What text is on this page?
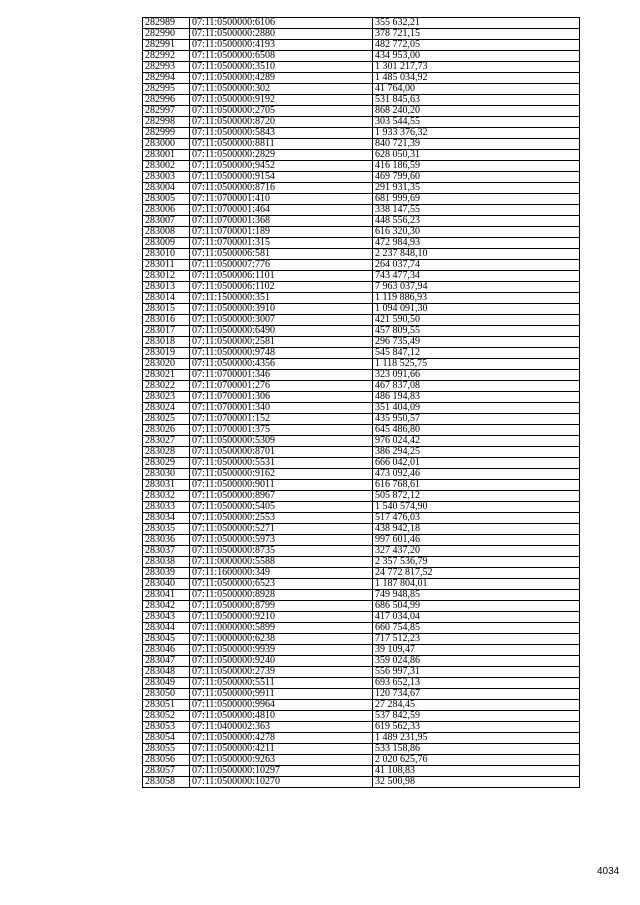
282989	07:11:0500000:6106	355 632,21
282990	07:11:0500000:2880	378 721,15
282991	07:11:0500000:4193	482 772,05
282992	07:11:0500000:6508	434 953,00
282993	07:11:0500000:3510	1 301 217,73
282994	07:11:0500000:4289	1 485 034,92
282995	07:11:0500000:302	41 764,00
282996	07:11:0500000:9192	531 845,63
282997	07:11:0500000:2705	868 240,20
282998	07:11:0500000:8720	303 544,55
282999	07:11:0500000:5843	1 933 376,32
283000	07:11:0500000:8811	840 721,39
283001	07:11:0500000:2829	628 050,31
283002	07:11:0500000:9452	416 186,59
283003	07:11:0500000:9154	469 799,60
283004	07:11:0500000:8716	291 931,35
283005	07:11:0700001:410	681 999,69
283006	07:11:0700001:464	338 147,55
283007	07:11:0700001:368	448 556,23
283008	07:11:0700001:189	616 320,30
283009	07:11:0700001:315	472 984,93
283010	07:11:0500006:581	2 237 848,10
283011	07:11:0500007:776	264 037,74
283012	07:11:0500006:1101	743 477,34
283013	07:11:0500006:1102	7 963 037,94
283014	07:11:1500000:351	1 119 886,93
283015	07:11:0500000:3910	1 094 091,30
283016	07:11:0500000:3007	421 590,50
283017	07:11:0500000:6490	457 809,55
283018	07:11:0500000:2581	296 735,49
283019	07:11:0500000:9748	545 847,12
283020	07:11:0500000:4356	1 118 525,75
283021	07:11:0700001:346	323 091,66
283022	07:11:0700001:276	467 837,08
283023	07:11:0700001:306	486 194,83
283024	07:11:0700001:340	351 404,09
283025	07:11:0700001:152	435 950,57
283026	07:11:0700001:375	645 486,80
283027	07:11:0500000:5309	976 024,42
283028	07:11:0500000:8701	386 294,25
283029	07:11:0500000:5531	666 042,01
283030	07:11:0500000:9162	473 092,46
283031	07:11:0500000:9011	616 768,61
283032	07:11:0500000:8967	505 872,12
283033	07:11:0500000:5405	1 540 574,90
283034	07:11:0500000:2553	517 476,03
283035	07:11:0500000:5271	438 942,18
283036	07:11:0500000:5973	997 601,46
283037	07:11:0500000:8735	327 437,20
283038	07:11:0000000:5588	2 357 536,79
283039	07:11:1600000:349	24 772 817,52
283040	07:11:0500000:6523	1 187 804,01
283041	07:11:0500000:8928	749 948,85
283042	07:11:0500000:8799	686 504,99
283043	07:11:0500000:9210	417 034,04
283044	07:11:0000000:5899	660 754,85
283045	07:11:0000000:6238	717 512,23
283046	07:11:0500000:9939	39 109,47
283047	07:11:0500000:9240	359 024,86
283048	07:11:0500000:2739	556 997,31
283049	07:11:0500000:5511	693 652,13
283050	07:11:0500000:9911	120 734,67
283051	07:11:0500000:9964	27 284,45
283052	07:11:0500000:4810	537 842,59
283053	07:11:0400002:363	619 562,33
283054	07:11:0500000:4278	1 489 231,95
283055	07:11:0500000:4211	533 158,86
283056	07:11:0500000:9263	2 020 625,76
283057	07:11:0500000:10297	41 108,83
283058	07:11:0500000:10270	32 500,98
4034
